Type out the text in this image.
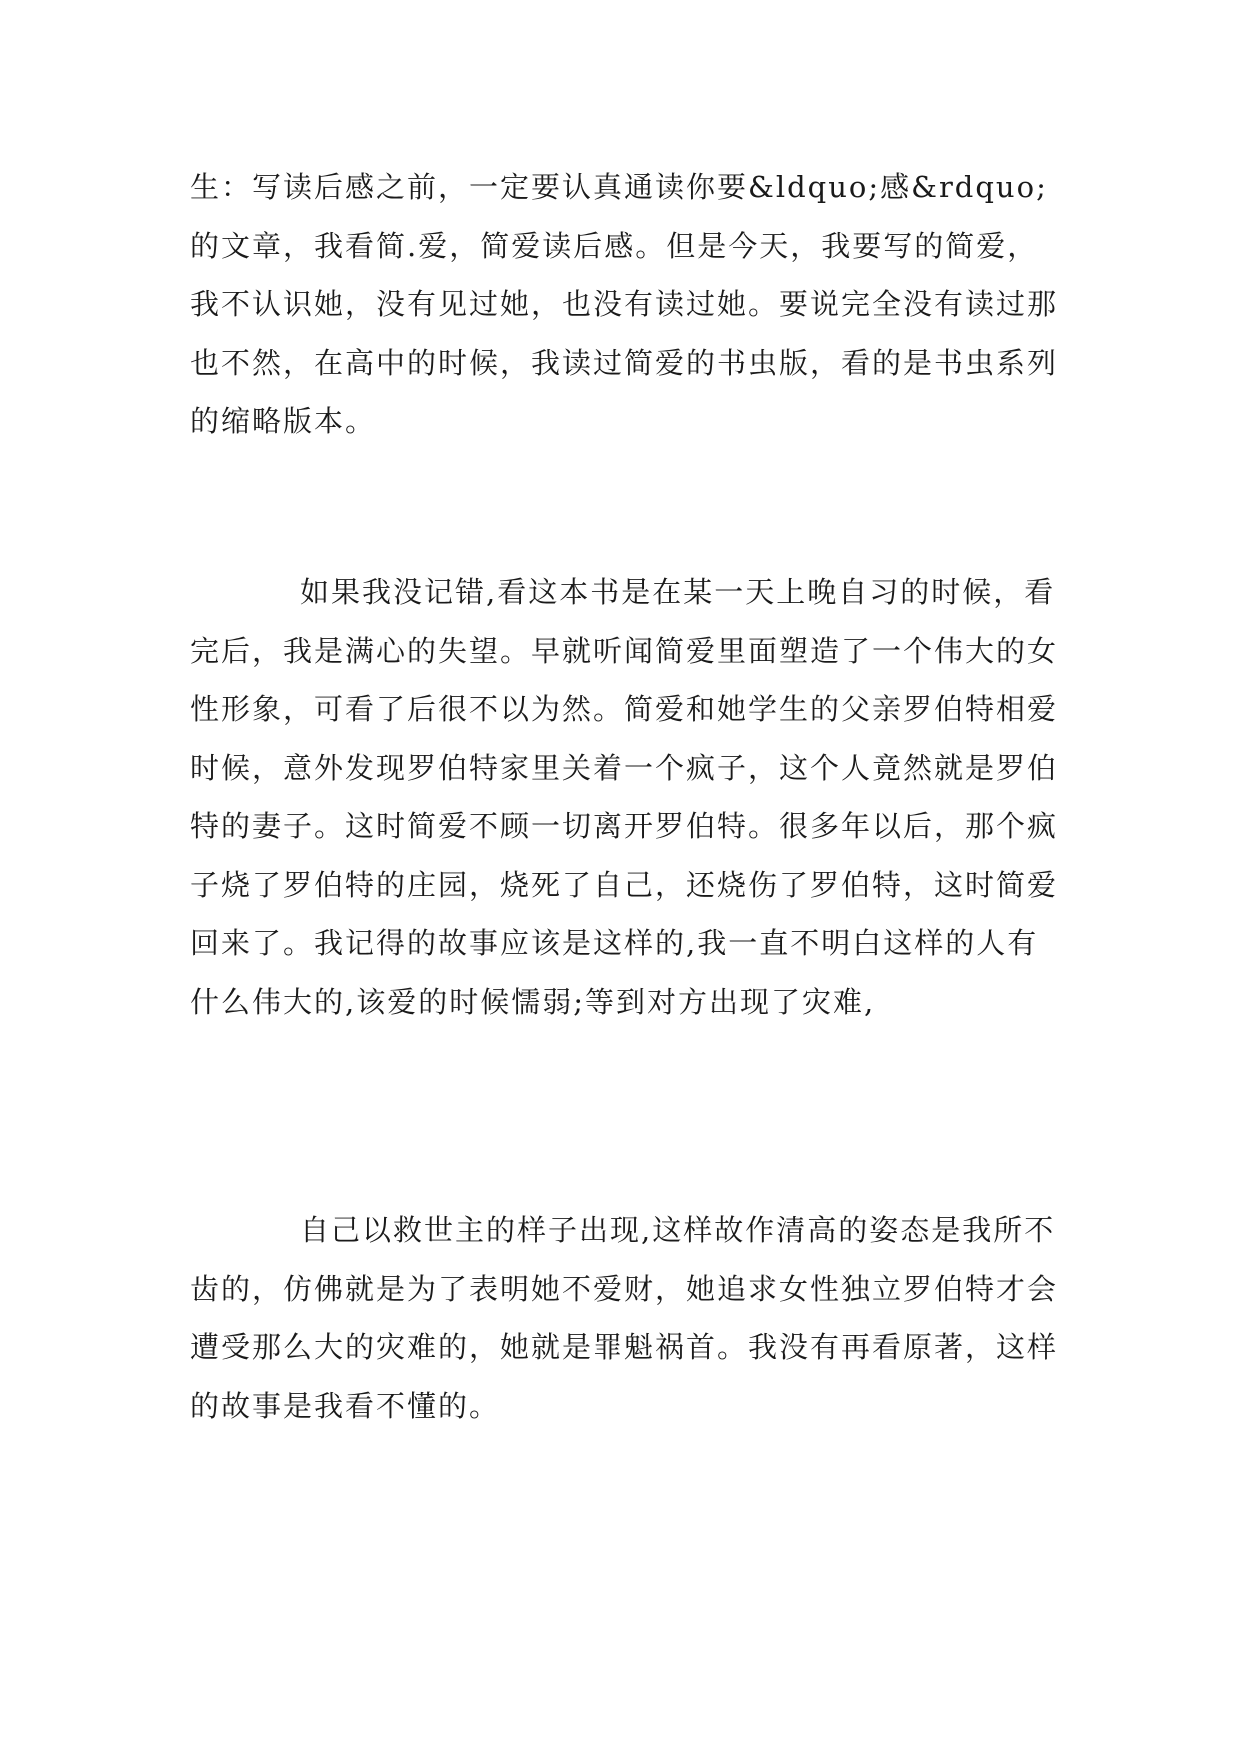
生：写读后感之前，一定要认真通读你要&ldquo;感&rdquo;的文章，我看简.爱，简爱读后感。但是今天，我要写的简爱，我不认识她，没有见过她，也没有读过她。要说完全没有读过那也不然，在高中的时候，我读过简爱的书虫版，看的是书虫系列的缩略版本。

如果我没记错,看这本书是在某一天上晚自习的时候，看完后，我是满心的失望。早就听闻简爱里面塑造了一个伟大的女性形象，可看了后很不以为然。简爱和她学生的父亲罗伯特相爱时候，意外发现罗伯特家里关着一个疯子，这个人竟然就是罗伯特的妻子。这时简爱不顾一切离开罗伯特。很多年以后，那个疯子烧了罗伯特的庄园，烧死了自己，还烧伤了罗伯特，这时简爱回来了。我记得的故事应该是这样的,我一直不明白这样的人有什么伟大的,该爱的时候懦弱;等到对方出现了灾难,

自己以救世主的样子出现,这样故作清高的姿态是我所不齿的，仿佛就是为了表明她不爱财，她追求女性独立罗伯特才会遭受那么大的灾难的，她就是罪魁祸首。我没有再看原著，这样的故事是我看不懂的。
